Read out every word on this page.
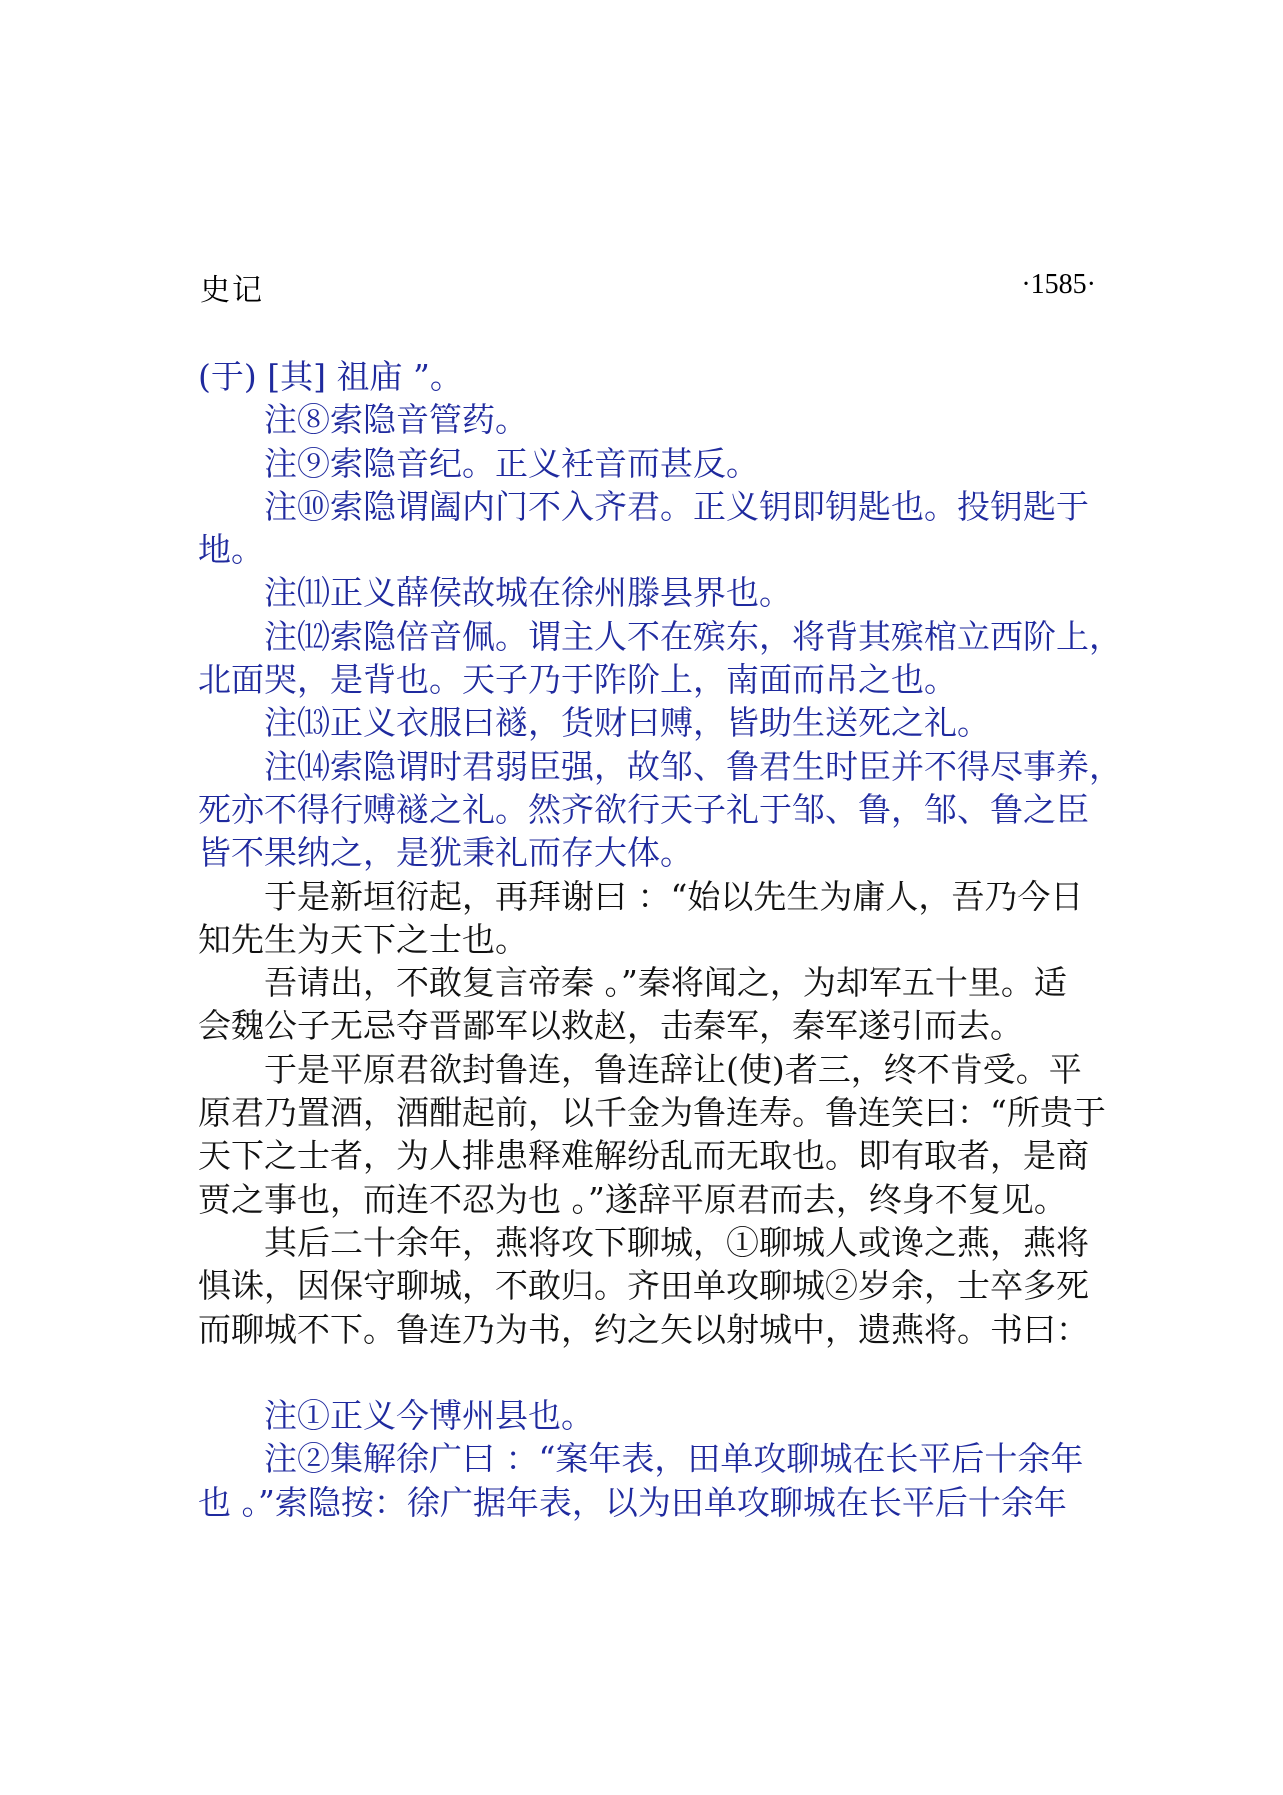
史记	·1585·
(于) [其] 祖庙 ”。
注⑧索隐音管药。
注⑨索隐音纪。正义衽音而甚反。
注⑩索隐谓阖内门不入齐君。正义钥即钥匙也。投钥匙于
地。
注⑾正义薛侯故城在徐州滕县界也。
注⑿索隐倍音佩。谓主人不在殡东，将背其殡棺立西阶上，
北面哭，是背也。天子乃于阼阶上，南面而吊之也。
注⒀正义衣服曰襚，货财曰赙，皆助生送死之礼。
注⒁索隐谓时君弱臣强，故邹、鲁君生时臣并不得尽事养，
死亦不得行赙襚之礼。然齐欲行天子礼于邹、鲁，邹、鲁之臣
皆不果纳之，是犹秉礼而存大体。
于是新垣衍起，再拜谢曰 ：“始以先生为庸人，吾乃今日
知先生为天下之士也。
吾请出，不敢复言帝秦 。”秦将闻之，为却军五十里。适
会魏公子无忌夺晋鄙军以救赵，击秦军，秦军遂引而去。
于是平原君欲封鲁连，鲁连辞让(使)者三，终不肯受。平
原君乃置酒，酒酣起前，以千金为鲁连寿。鲁连笑曰：“所贵于
天下之士者，为人排患释难解纷乱而无取也。即有取者，是商
贾之事也，而连不忍为也 。”遂辞平原君而去，终身不复见。
其后二十余年，燕将攻下聊城，①聊城人或谗之燕，燕将
惧诛，因保守聊城，不敢归。齐田单攻聊城②岁余，士卒多死
而聊城不下。鲁连乃为书，约之矢以射城中，遗燕将。书曰：
注①正义今博州县也。
注②集解徐广曰 ：“案年表，田单攻聊城在长平后十余年
也 。”索隐按：徐广据年表，以为田单攻聊城在长平后十余年
